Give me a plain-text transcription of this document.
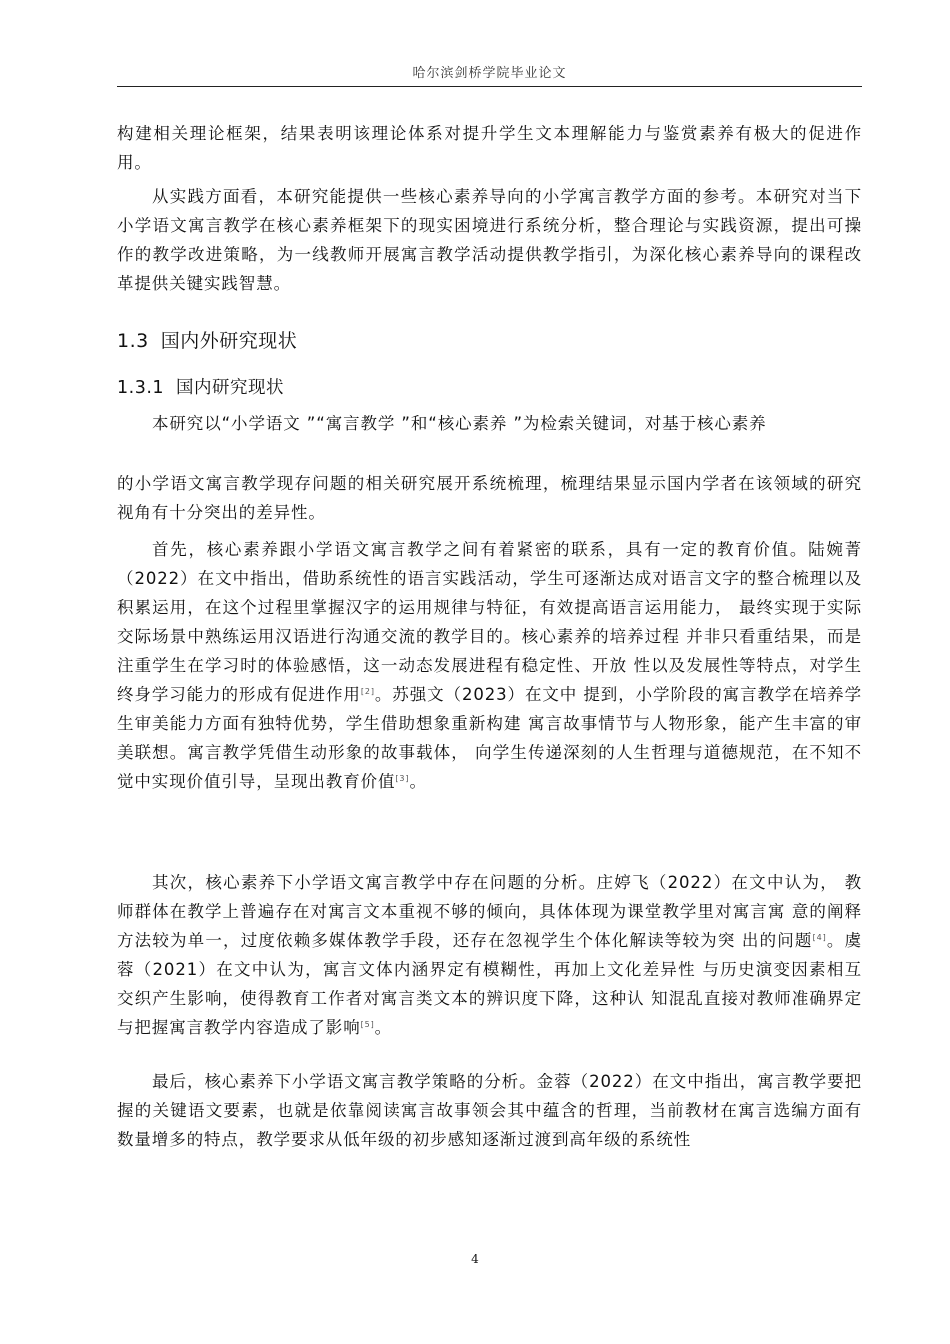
哈尔滨剑桥学院毕业论文

构建相关理论框架，结果表明该理论体系对提升学生文本理解能力与鉴赏素养有极大的促进作用。

从实践方面看，本研究能提供一些核心素养导向的小学寓言教学方面的参考。本研究对当下小学语文寓言教学在核心素养框架下的现实困境进行系统分析，整合理论与实践资源，提出可操作的教学改进策略，为一线教师开展寓言教学活动提供教学指引，为深化核心素养导向的课程改革提供关键实践智慧。

1.3 国内外研究现状
1.3.1 国内研究现状

本研究以“小学语文 ”“寓言教学 ”和“核心素养 ”为检索关键词，对基于核心素养

的小学语文寓言教学现存问题的相关研究展开系统梳理，梳理结果显示国内学者在该领域的研究视角有十分突出的差异性。

首先，核心素养跟小学语文寓言教学之间有着紧密的联系，具有一定的教育价值。陆婉菁（2022）在文中指出，借助系统性的语言实践活动，学生可逐渐达成对语言文字的整合梳理以及积累运用，在这个过程里掌握汉字的运用规律与特征，有效提高语言运用能力， 最终实现于实际交际场景中熟练运用汉语进行沟通交流的教学目的。核心素养的培养过程 并非只看重结果，而是注重学生在学习时的体验感悟，这一动态发展进程有稳定性、开放 性以及发展性等特点，对学生终身学习能力的形成有促进作用[2]。苏强文（2023）在文中 提到，小学阶段的寓言教学在培养学生审美能力方面有独特优势，学生借助想象重新构建 寓言故事情节与人物形象，能产生丰富的审美联想。寓言教学凭借生动形象的故事载体， 向学生传递深刻的人生哲理与道德规范，在不知不觉中实现价值引导，呈现出教育价值[3]。

其次，核心素养下小学语文寓言教学中存在问题的分析。庄婷飞（2022）在文中认为， 教师群体在教学上普遍存在对寓言文本重视不够的倾向，具体体现为课堂教学里对寓言寓 意的阐释方法较为单一，过度依赖多媒体教学手段，还存在忽视学生个体化解读等较为突 出的问题[4]。虞蓉（2021）在文中认为，寓言文体内涵界定有模糊性，再加上文化差异性 与历史演变因素相互交织产生影响，使得教育工作者对寓言类文本的辨识度下降，这种认 知混乱直接对教师准确界定与把握寓言教学内容造成了影响[5]。

最后，核心素养下小学语文寓言教学策略的分析。金蓉（2022）在文中指出，寓言教学要把握的关键语文要素，也就是依靠阅读寓言故事领会其中蕴含的哲理，当前教材在寓言选编方面有数量增多的特点，教学要求从低年级的初步感知逐渐过渡到高年级的系统性

4
